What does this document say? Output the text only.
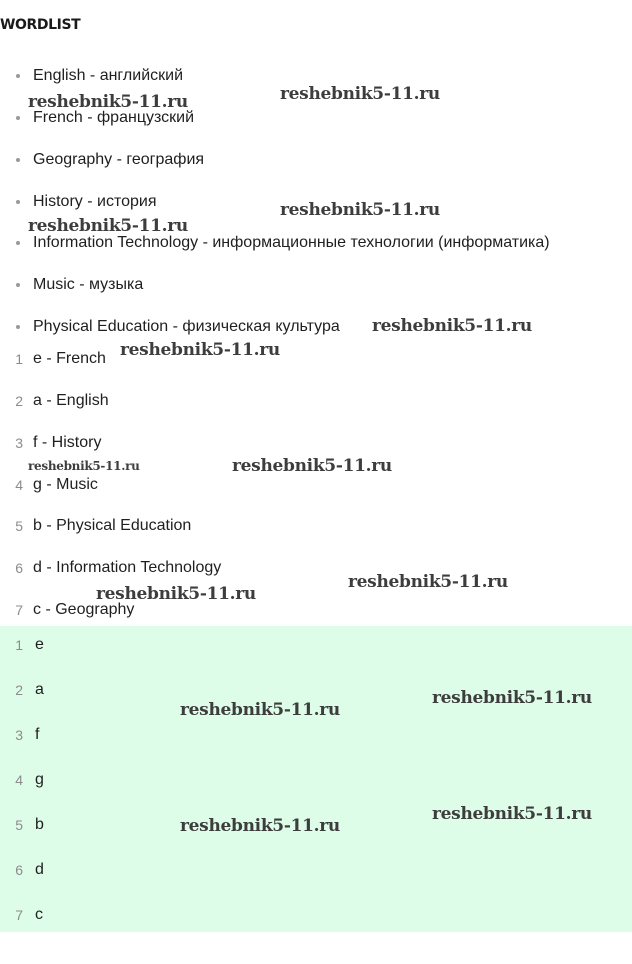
WORDLIST
English - английский
French - французский
Geography - география
History - история
Information Technology - информационные технологии (информатика)
Music - музыка
Physical Education - физическая культура
1 e - French
2 a - English
3 f - History
4 g - Music
5 b - Physical Education
6 d - Information Technology
7 c - Geography
1 e
2 a
3 f
4 g
5 b
6 d
7 c
reshebnik5-11.ru	reshebnik5-11.ru
reshebnik5-11.ru
reshebnik5-11.ru
reshebnik5-11.ru
reshebnik5-11.ru
reshebnik5-11.ru	reshebnik5-11.ru
reshebnik5-11.ru
reshebnik5-11.ru
reshebnik5-11.ru
reshebnik5-11.ru
reshebnik5-11.ru
reshebnik5-11.ru
